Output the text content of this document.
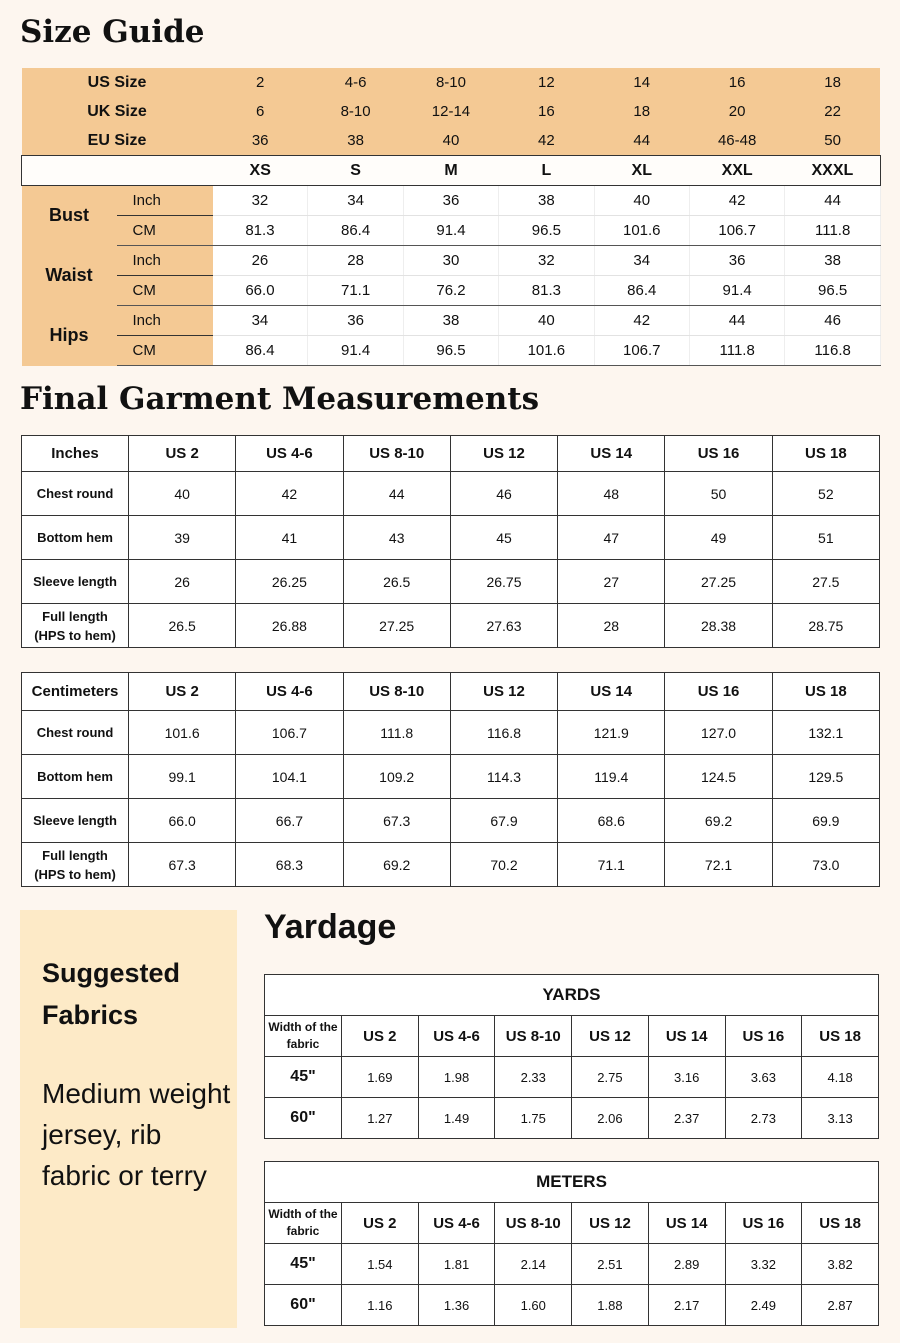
Size Guide
US Size		2	4-6	8-10	12	14	16	18
UK Size		6	8-10	12-14	16	18	20	22
EU Size		36	38	40	42	44	46-48	50
		XS	S	M	L	XL	XXL	XXXL
Bust	Inch	32	34	36	38	40	42	44
	CM	81.3	86.4	91.4	96.5	101.6	106.7	111.8
Waist	Inch	26	28	30	32	34	36	38
	CM	66.0	71.1	76.2	81.3	86.4	91.4	96.5
Hips	Inch	34	36	38	40	42	44	46
	CM	86.4	91.4	96.5	101.6	106.7	111.8	116.8
Final Garment Measurements
Inches	US 2	US 4-6	US 8-10	US 12	US 14	US 16	US 18
Chest round	40	42	44	46	48	50	52
Bottom hem	39	41	43	45	47	49	51
Sleeve length	26	26.25	26.5	26.75	27	27.25	27.5
Full length
(HPS to hem)	26.5	26.88	27.25	27.63	28	28.38	28.75
Centimeters	US 2	US 4-6	US 8-10	US 12	US 14	US 16	US 18
Chest round	101.6	106.7	111.8	116.8	121.9	127.0	132.1
Bottom hem	99.1	104.1	109.2	114.3	119.4	124.5	129.5
Sleeve length	66.0	66.7	67.3	67.9	68.6	69.2	69.9
Full length
(HPS to hem)	67.3	68.3	69.2	70.2	71.1	72.1	73.0

Suggested Fabrics

Medium weight jersey, rib fabric or terry

Yardage
YARDS							
Width of the
fabric	US 2	US 4-6	US 8-10	US 12	US 14	US 16	US 18
45"	1.69	1.98	2.33	2.75	3.16	3.63	4.18
60"	1.27	1.49	1.75	2.06	2.37	2.73	3.13
METERS							
Width of the
fabric	US 2	US 4-6	US 8-10	US 12	US 14	US 16	US 18
45"	1.54	1.81	2.14	2.51	2.89	3.32	3.82
60"	1.16	1.36	1.60	1.88	2.17	2.49	2.87
